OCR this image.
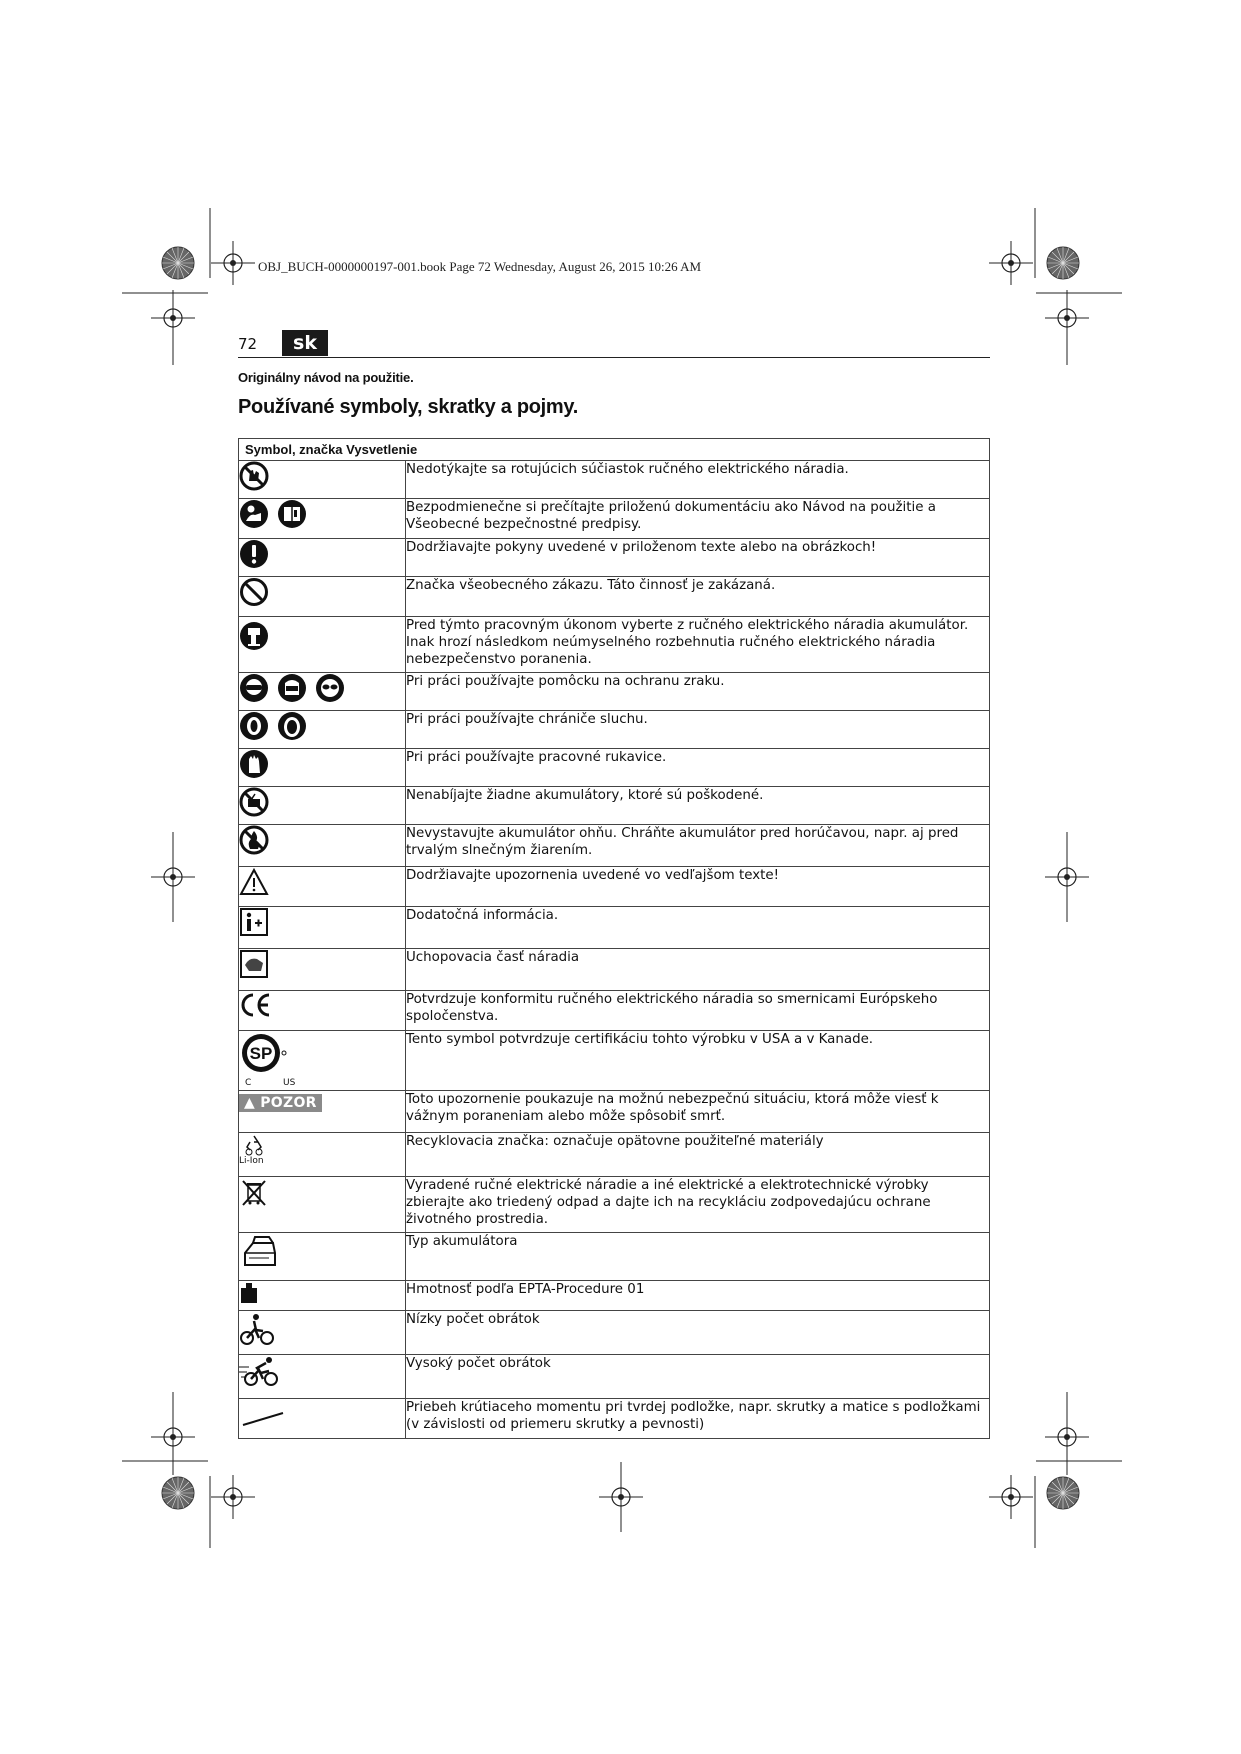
OBJ_BUCH-0000000197-001.book Page 72 Wednesday, August 26, 2015 10:26 AM
72	sk
Originálny návod na použitie.
Používané symboly, skratky a pojmy.
Symbol, značka Vysvetlenie	
	Nedotýkajte sa rotujúcich súčiastok ručného elektrického náradia.
	Bezpodmienečne si prečítajte priloženú dokumentáciu ako Návod na použitie a Všeobecné bezpečnostné predpisy.
	Dodržiavajte pokyny uvedené v priloženom texte alebo na obrázkoch!
	Značka všeobecného zákazu. Táto činnosť je zakázaná.
	Pred týmto pracovným úkonom vyberte z ručného elektrického náradia akumulátor. Inak hrozí následkom neúmyselného rozbehnutia ručného elektrického náradia nebezpečenstvo poranenia.
	Pri práci používajte pomôcku na ochranu zraku.
	Pri práci používajte chrániče sluchu.
	Pri práci používajte pracovné rukavice.
	Nenabíjajte žiadne akumulátory, ktoré sú poškodené.
	Nevystavujte akumulátor ohňu. Chráňte akumulátor pred horúčavou, napr. aj pred trvalým slnečným žiarením.
	Dodržiavajte upozornenia uvedené vo vedľajšom texte!
	Dodatočná informácia.
	Uchopovacia časť náradia
	Potvrdzuje konformitu ručného elektrického náradia so smernicami Európskeho spoločenstva.

SP
C US	Tento symbol potvrdzuje certifikáciu tohto výrobku v USA a v Kanade.
▲ POZOR	Toto upozornenie poukazuje na možnú nebezpečnú situáciu, ktorá môže viesť k vážnym poraneniam alebo môže spôsobiť smrť.

Li-Ion	Recyklovacia značka: označuje opätovne použiteľné materiály
	Vyradené ručné elektrické náradie a iné elektrické a elektrotechnické výrobky zbierajte ako triedený odpad a dajte ich na recykláciu zodpovedajúcu ochrane životného prostredia.
	Typ akumulátora
	Hmotnosť podľa EPTA-Procedure 01
	Nízky počet obrátok
	Vysoký počet obrátok
	Priebeh krútiaceho momentu pri tvrdej podložke, napr. skrutky a matice s podložkami (v závislosti od priemeru skrutky a pevnosti)
